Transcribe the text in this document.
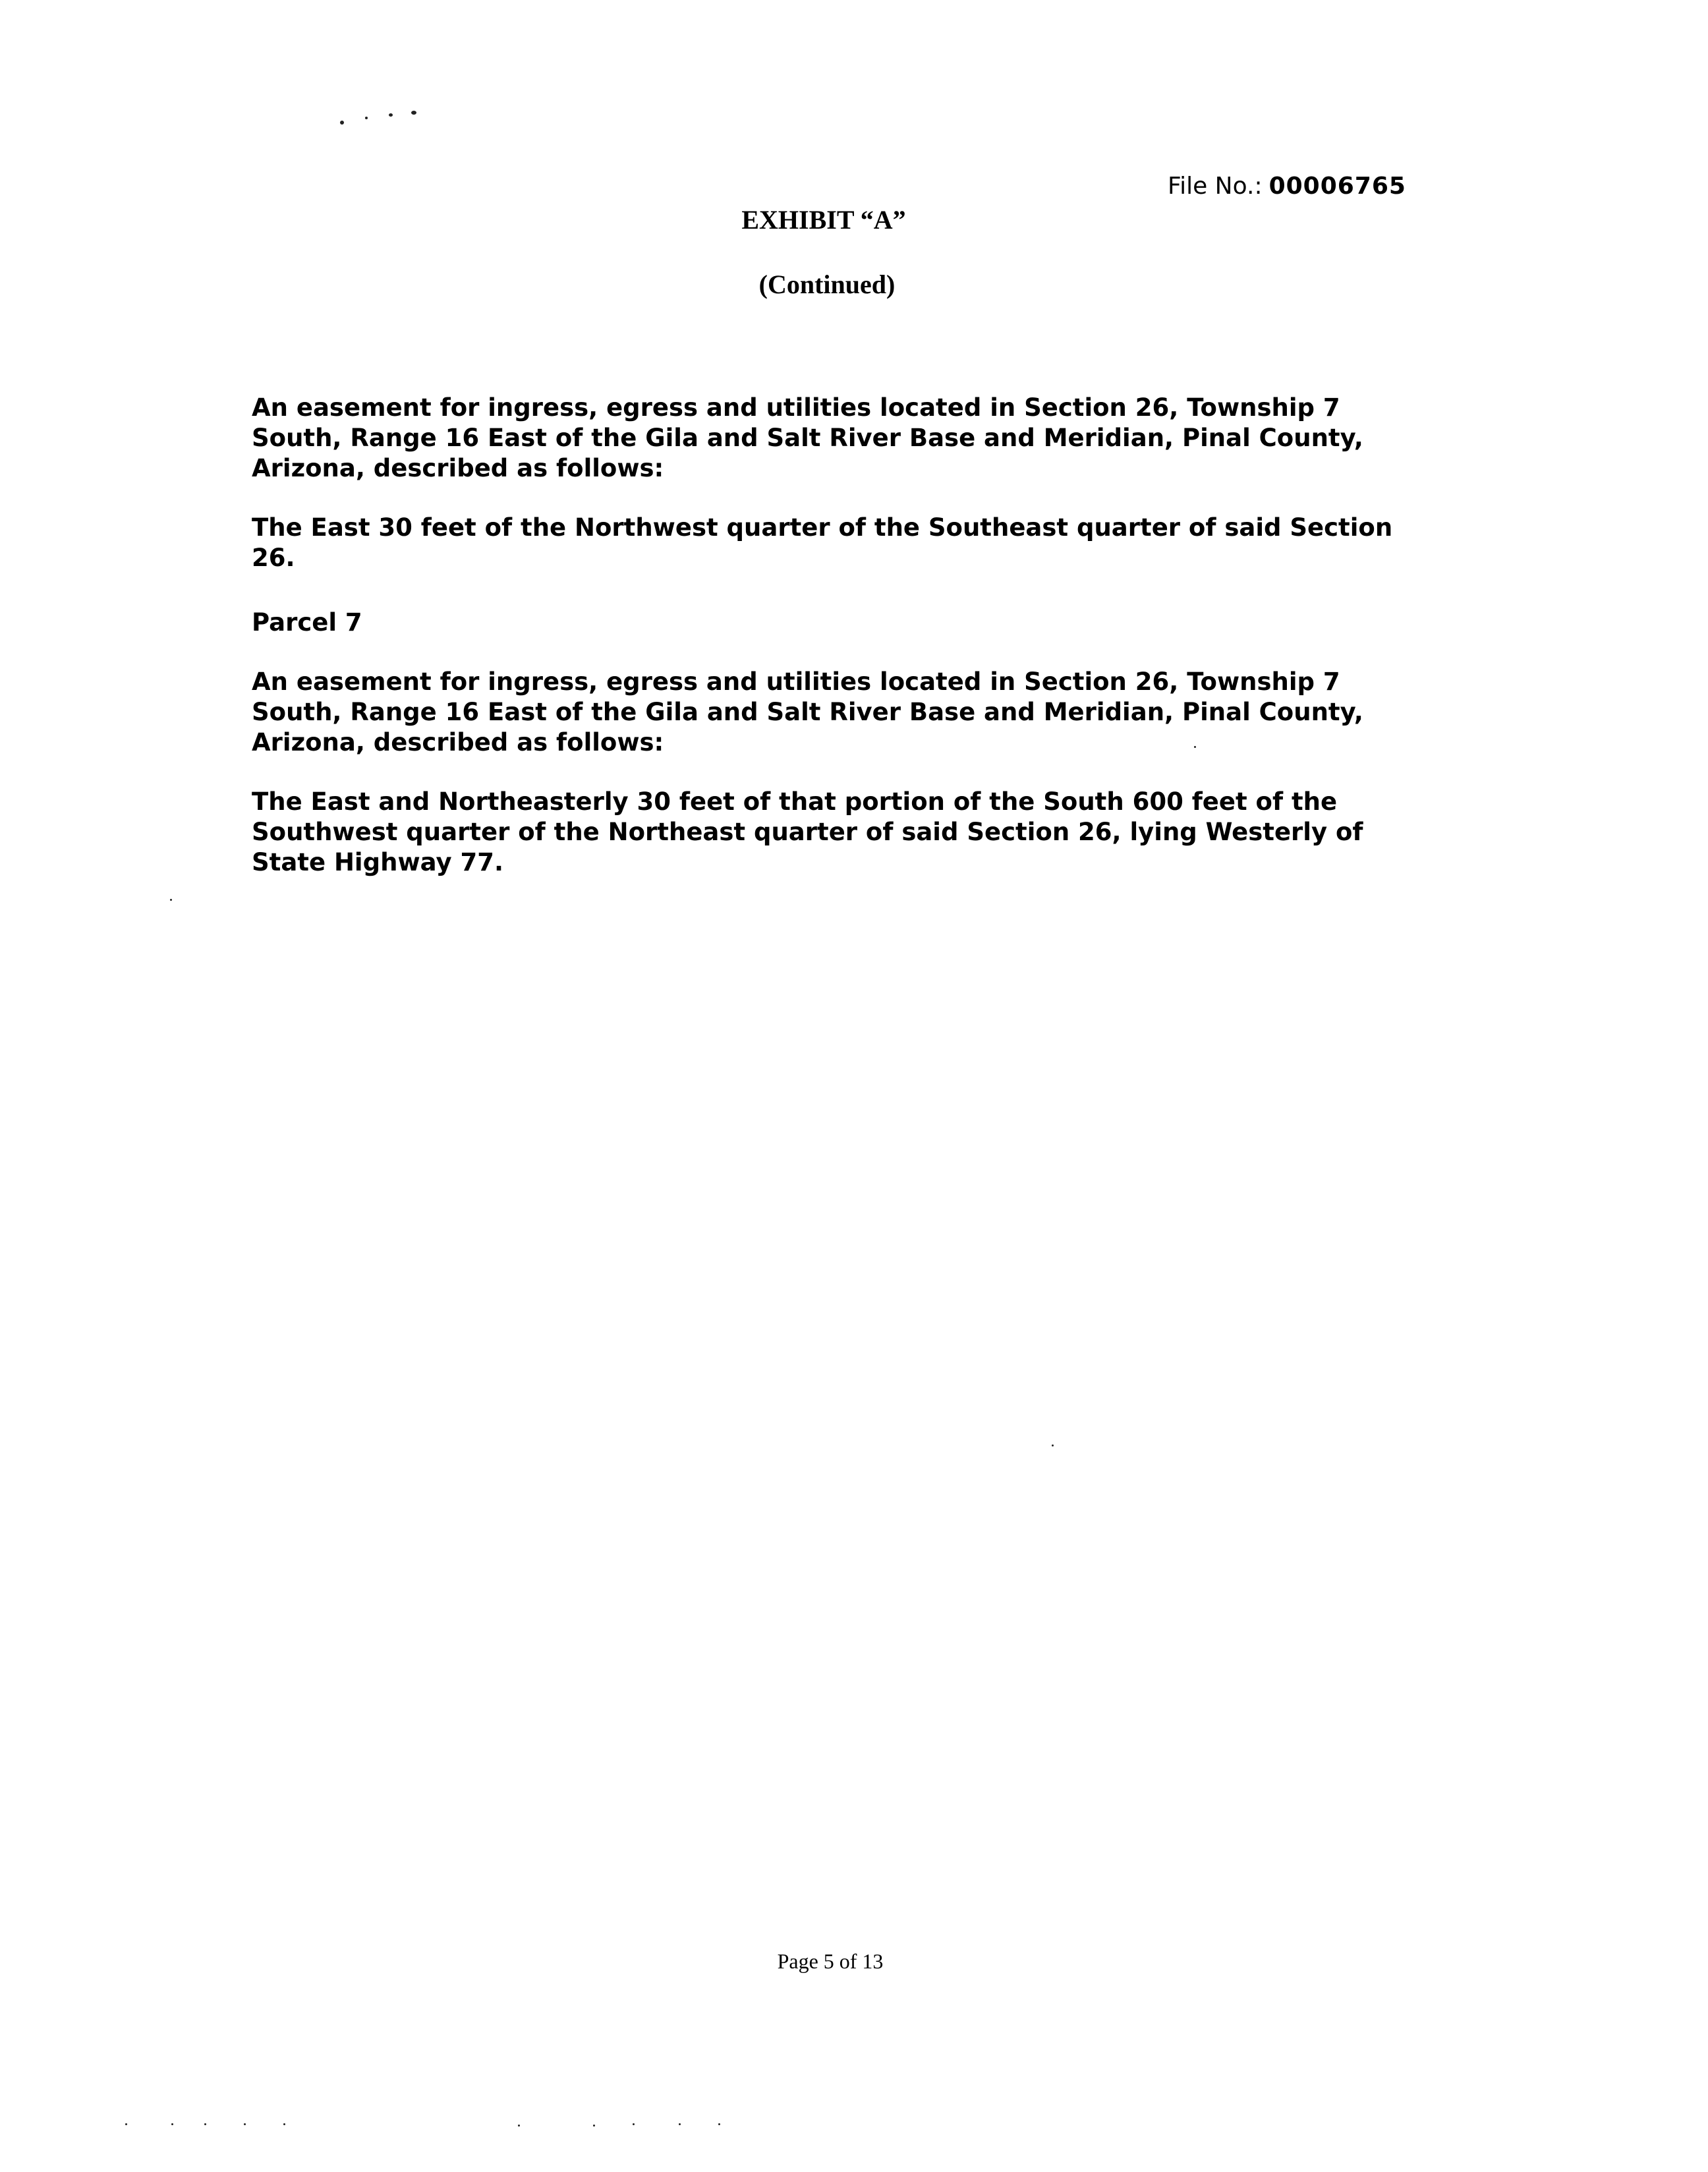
File No.: 00006765
EXHIBIT “A”
(Continued)

An easement for ingress, egress and utilities located in Section 26, Township 7 South, Range 16 East of the Gila and Salt River Base and Meridian, Pinal County, Arizona, described as follows:

The East 30 feet of the Northwest quarter of the Southeast quarter of said Section 26.

Parcel 7

An easement for ingress, egress and utilities located in Section 26, Township 7 South, Range 16 East of the Gila and Salt River Base and Meridian, Pinal County, Arizona, described as follows:

The East and Northeasterly 30 feet of that portion of the South 600 feet of the Southwest quarter of the Northeast quarter of said Section 26, lying Westerly of State Highway 77.

Page 5 of 13
